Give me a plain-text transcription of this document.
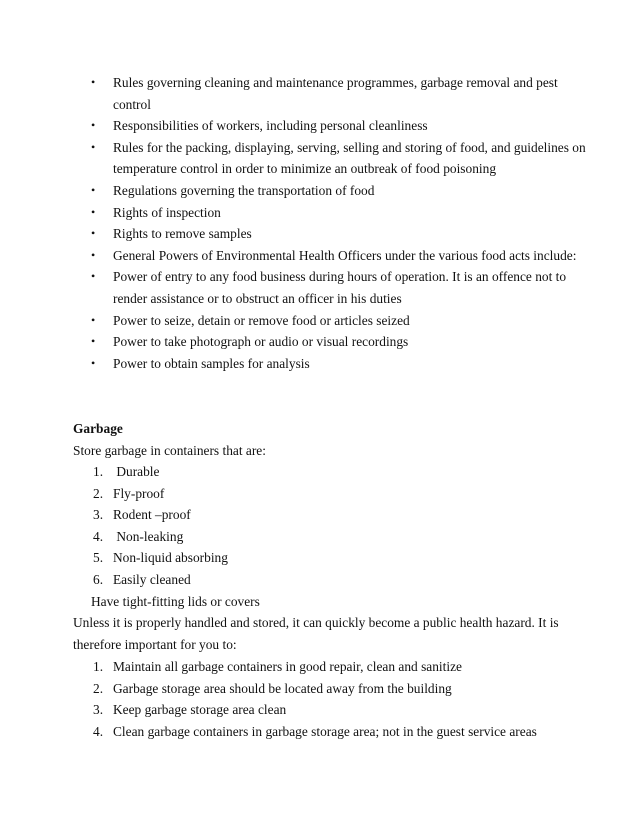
• Rules governing cleaning and maintenance programmes, garbage removal and pest
control
• Responsibilities of workers, including personal cleanliness
• Rules for the packing, displaying, serving, selling and storing of food, and guidelines on
temperature control in order to minimize an outbreak of food poisoning
• Regulations governing the transportation of food
• Rights of inspection
• Rights to remove samples
• General Powers of Environmental Health Officers under the various food acts include:
• Power of entry to any food business during hours of operation. It is an offence not to
render assistance or to obstruct an officer in his duties
• Power to seize, detain or remove food or articles seized
• Power to take photograph or audio or visual recordings
• Power to obtain samples for analysis
Garbage
Store garbage in containers that are:
1. Durable
2. Fly-proof
3. Rodent –proof
4. Non-leaking
5. Non-liquid absorbing
6. Easily cleaned
Have tight-fitting lids or covers
Unless it is properly handled and stored, it can quickly become a public health hazard. It is
therefore important for you to:
1. Maintain all garbage containers in good repair, clean and sanitize
2. Garbage storage area should be located away from the building
3. Keep garbage storage area clean
4. Clean garbage containers in garbage storage area; not in the guest service areas
